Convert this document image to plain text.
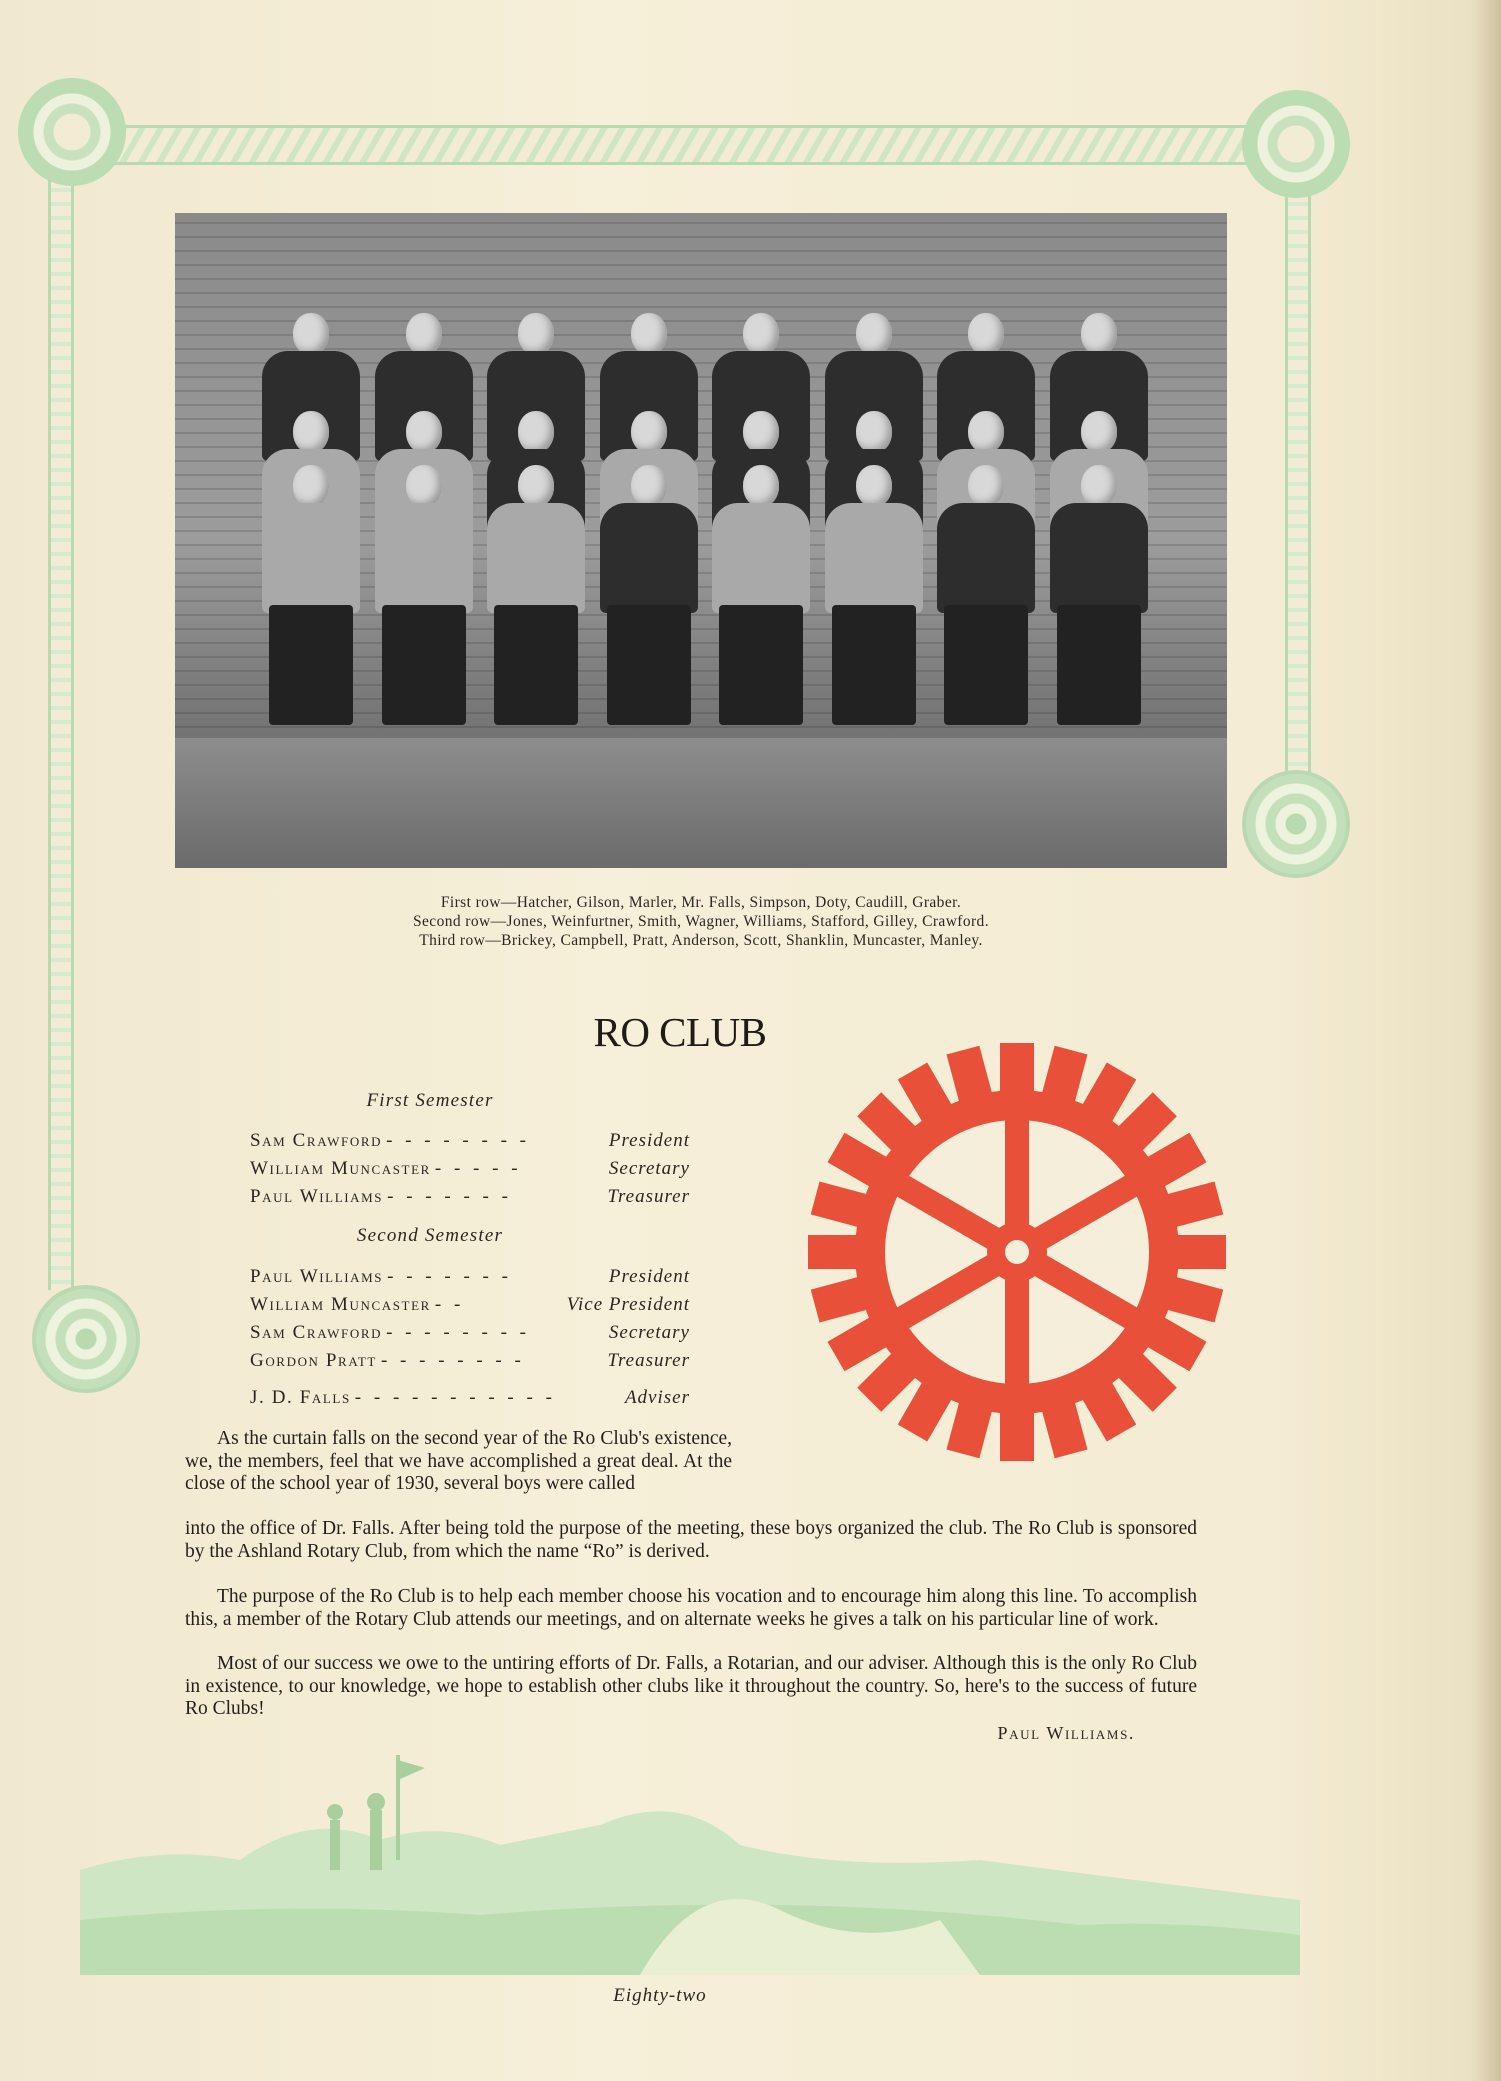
First row—Hatcher, Gilson, Marler, Mr. Falls, Simpson, Doty, Caudill, Graber.
Second row—Jones, Weinfurtner, Smith, Wagner, Williams, Stafford, Gilley, Crawford.
Third row—Brickey, Campbell, Pratt, Anderson, Scott, Shanklin, Muncaster, Manley.
RO CLUB
First Semester
Sam Crawford - - - - - - - -	President
William Muncaster - - - - -	Secretary
Paul Williams - - - - - - -	Treasurer
Second Semester
Paul Williams - - - - - - -	President
William Muncaster - -	Vice President
Sam Crawford - - - - - - - -	Secretary
Gordon Pratt - - - - - - - -	Treasurer
J. D. Falls - - - - - - - - - - -	Adviser
As the curtain falls on the second year of the Ro Club's existence, we, the members, feel that we have accomplished a great deal. At the close of the school year of 1930, several boys were called
into the office of Dr. Falls. After being told the purpose of the meeting, these boys organized the club. The Ro Club is sponsored by the Ashland Rotary Club, from which the name “Ro” is derived.
The purpose of the Ro Club is to help each member choose his vocation and to encourage him along this line. To accomplish this, a member of the Rotary Club attends our meetings, and on alternate weeks he gives a talk on his particular line of work.
Most of our success we owe to the untiring efforts of Dr. Falls, a Rotarian, and our adviser. Although this is the only Ro Club in existence, to our knowledge, we hope to establish other clubs like it throughout the country. So, here's to the success of future Ro Clubs!
Paul Williams.
Eighty-two
